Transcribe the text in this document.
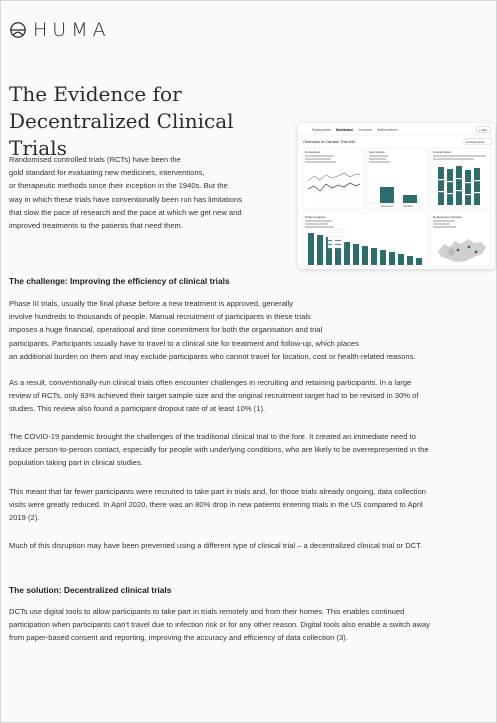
HUMA
The Evidence for
Decentralized Clinical Trials
Deployments Dashboard Consents Staff members	+ Add
Overview of Cardiac Trial #42	All deployments
Consented	Key metrics
Consented	Enrolled
Overall views
Study progress	Deployment overview
Randomised controlled trials (RCTs) have been the
gold standard for evaluating new medicines, interventions,
or therapeutic methods since their inception in the 1940s. But the
way in which these trials have conventionally been run has limitations
that slow the pace of research and the pace at which we get new and
improved treatments to the patients that need them.
The challenge: Improving the efficiency of clinical trials
Phase III trials, usually the final phase before a new treatment is approved, generally
involve hundreds to thousands of people. Manual recruitment of participants in these trials
imposes a huge financial, operational and time commitment for both the organisation and trial
participants. Participants usually have to travel to a clinical site for treatment and follow-up, which places
an additional burden on them and may exclude participants who cannot travel for location, cost or health-related reasons.
As a result, conventionally-run clinical trials often encounter challenges in recruiting and retaining participants. In a large
review of RCTs, only 63% achieved their target sample size and the original recruitment target had to be revised in 30% of
studies. This review also found a participant dropout rate of at least 10% (1).
The COVID-19 pandemic brought the challenges of the traditional clinical trial to the fore. It created an immediate need to
reduce person-to-person contact, especially for people with underlying conditions, who are likely to be overrepresented in the
population taking part in clinical studies.
This meant that far fewer participants were recruited to take part in trials and, for those trials already ongoing, data collection
visits were greatly reduced. In April 2020, there was an 80% drop in new patients entering trials in the US compared to April
2019 (2).
Much of this disruption may have been prevented using a different type of clinical trial – a decentralized clinical trial or DCT.
The solution: Decentralized clinical trials
DCTs use digital tools to allow participants to take part in trials remotely and from their homes. This enables continued
participation when participants can't travel due to infection risk or for any other reason. Digital tools also enable a switch away
from paper-based consent and reporting, improving the accuracy and efficiency of data collection (3).
